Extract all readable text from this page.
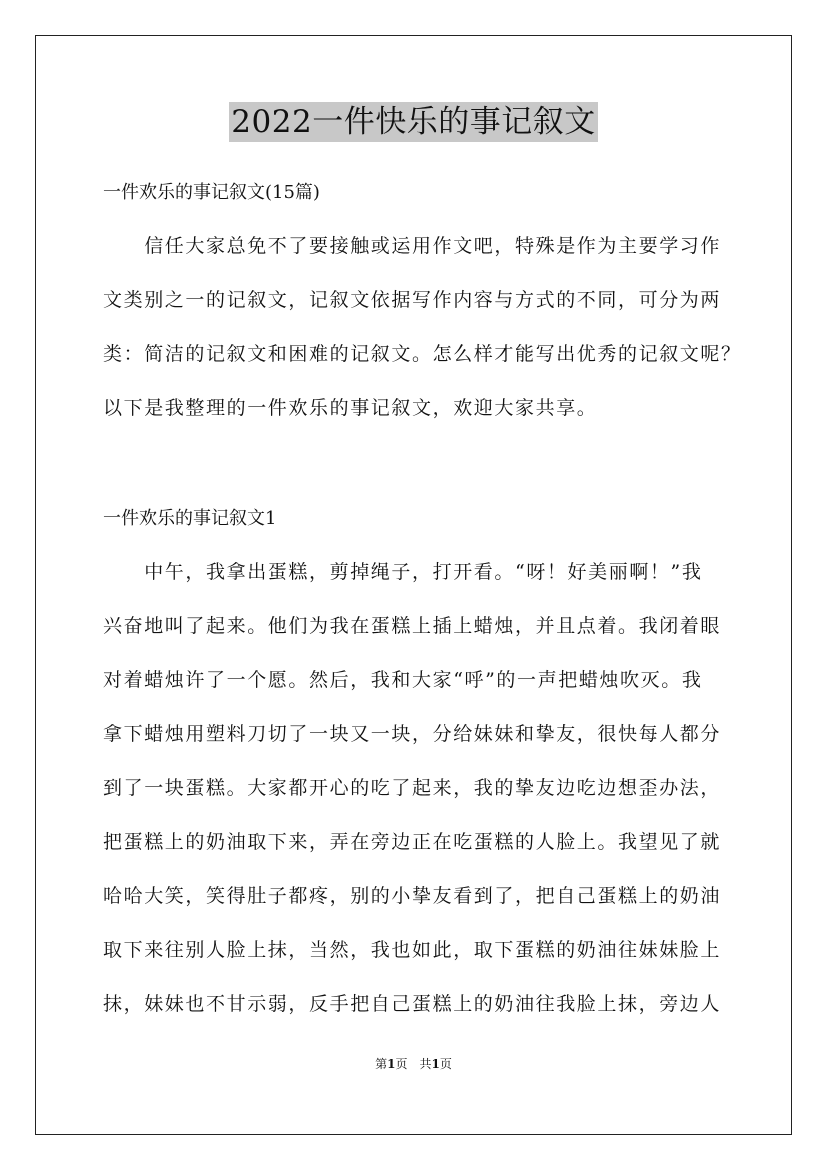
2022一件快乐的事记叙文
一件欢乐的事记叙文(15篇)
　　信任大家总免不了要接触或运用作文吧，特殊是作为主要学习作
文类别之一的记叙文，记叙文依据写作内容与方式的不同，可分为两
类：简洁的记叙文和困难的记叙文。怎么样才能写出优秀的记叙文呢？
以下是我整理的一件欢乐的事记叙文，欢迎大家共享。
一件欢乐的事记叙文1
　　中午，我拿出蛋糕，剪掉绳子，打开看。“呀！好美丽啊！”我
兴奋地叫了起来。他们为我在蛋糕上插上蜡烛，并且点着。我闭着眼
对着蜡烛许了一个愿。然后，我和大家“呼”的一声把蜡烛吹灭。我
拿下蜡烛用塑料刀切了一块又一块，分给妹妹和挚友，很快每人都分
到了一块蛋糕。大家都开心的吃了起来，我的挚友边吃边想歪办法，
把蛋糕上的奶油取下来，弄在旁边正在吃蛋糕的人脸上。我望见了就
哈哈大笑，笑得肚子都疼，别的小挚友看到了，把自己蛋糕上的奶油
取下来往别人脸上抹，当然，我也如此，取下蛋糕的奶油往妹妹脸上
抹，妹妹也不甘示弱，反手把自己蛋糕上的奶油往我脸上抹，旁边人
第1页　共1页
